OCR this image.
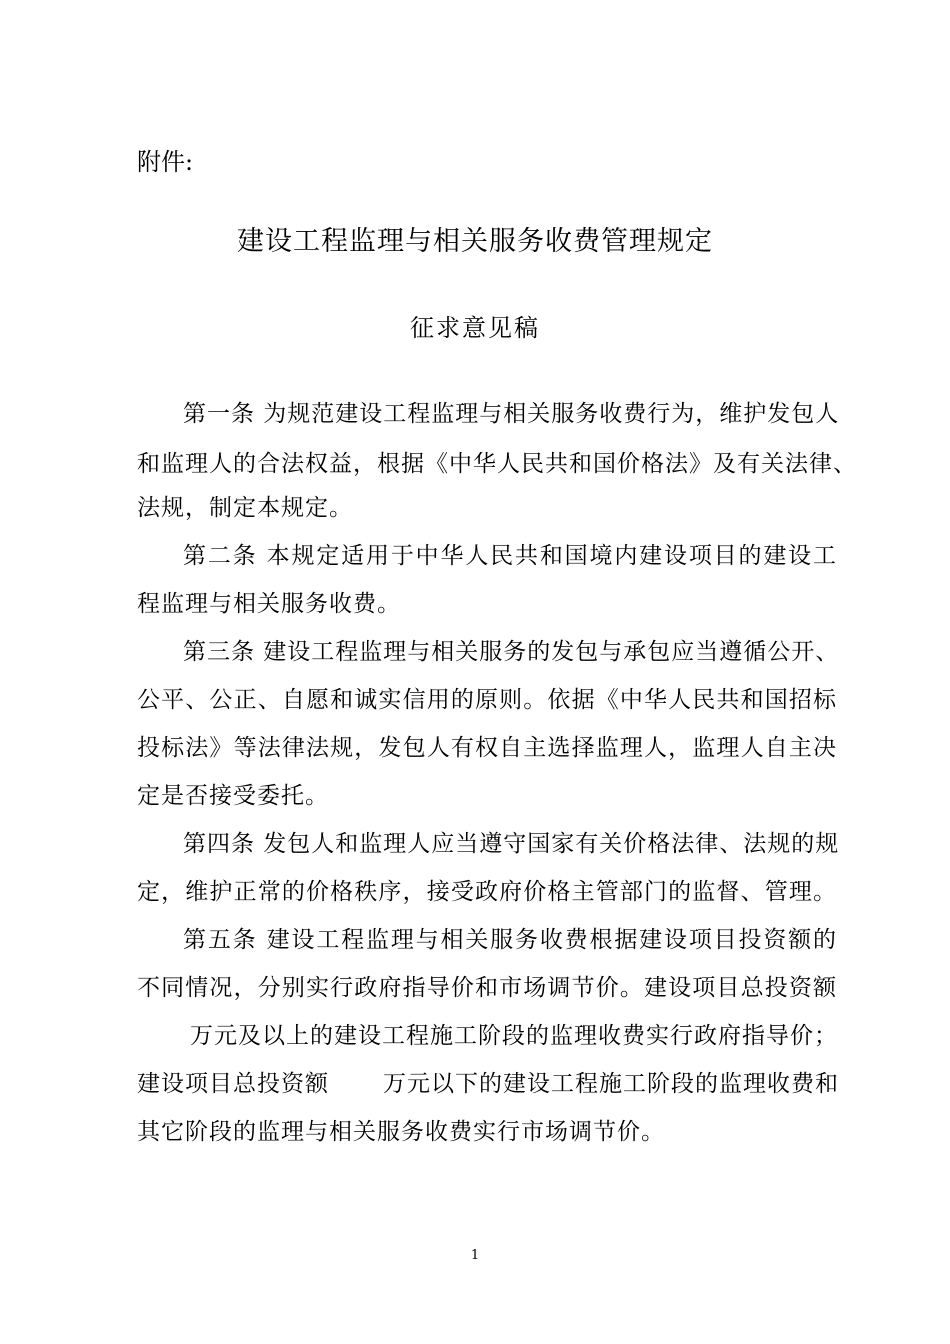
附件:
建设工程监理与相关服务收费管理规定
征求意见稿
第一条 为规范建设工程监理与相关服务收费行为，维护发包人
和监理人的合法权益，根据《中华人民共和国价格法》及有关法律、
法规，制定本规定。
第二条 本规定适用于中华人民共和国境内建设项目的建设工
程监理与相关服务收费。
第三条 建设工程监理与相关服务的发包与承包应当遵循公开、
公平、公正、自愿和诚实信用的原则。依据《中华人民共和国招标
投标法》等法律法规，发包人有权自主选择监理人，监理人自主决
定是否接受委托。
第四条 发包人和监理人应当遵守国家有关价格法律、法规的规
定，维护正常的价格秩序，接受政府价格主管部门的监督、管理。
第五条 建设工程监理与相关服务收费根据建设项目投资额的
不同情况，分别实行政府指导价和市场调节价。建设项目总投资额
万元及以上的建设工程施工阶段的监理收费实行政府指导价；
建设项目总投资额 万元以下的建设工程施工阶段的监理收费和
其它阶段的监理与相关服务收费实行市场调节价。
1
